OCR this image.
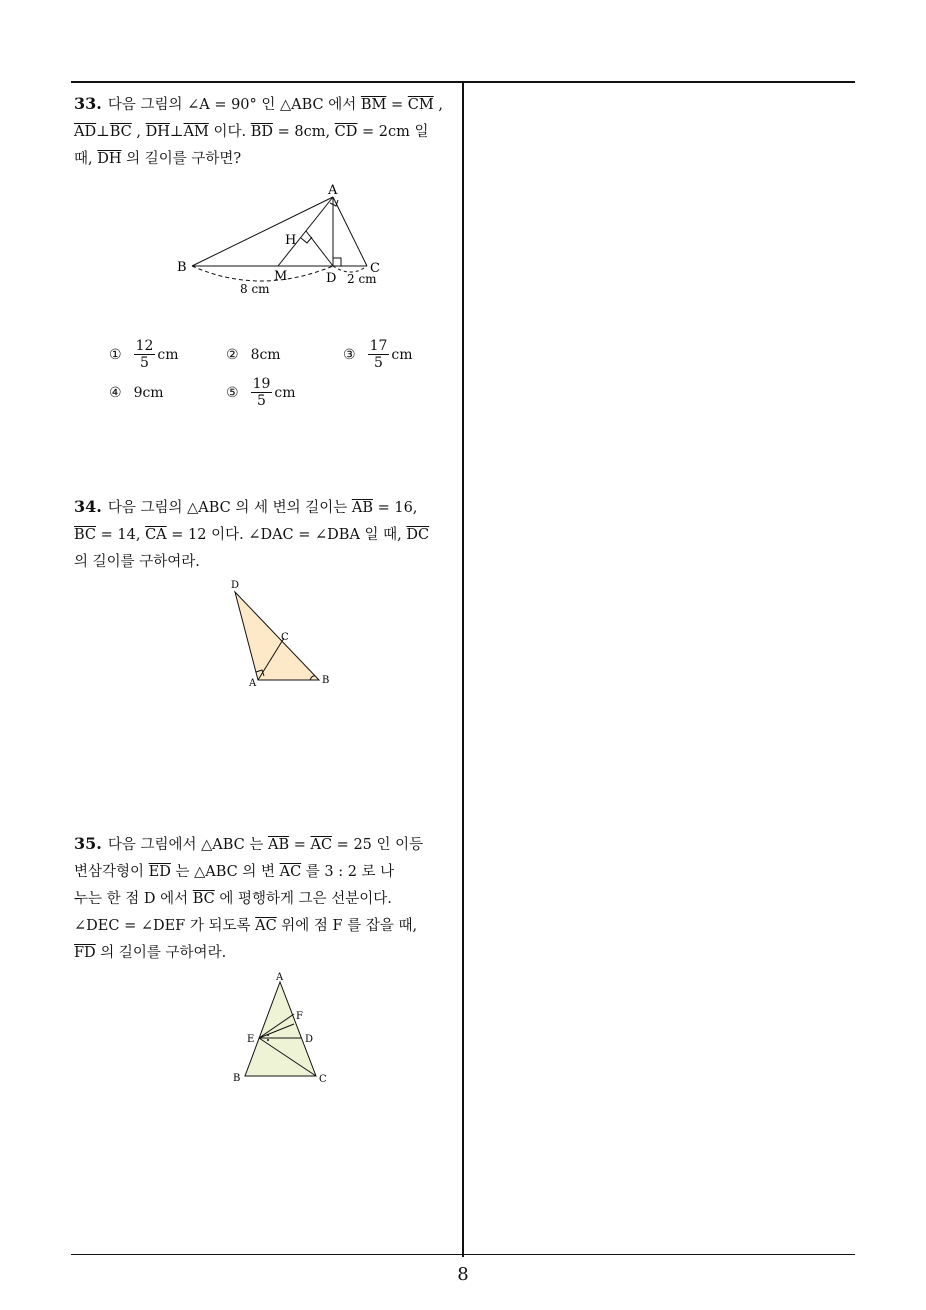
33. 다음 그림의 ∠A = 90° 인 △ABC 에서 $\overline{BM} = \overline{CM}$ ,
$\overline{AD}\perp\overline{BC}$ , $\overline{DH}\perp\overline{AM}$ 이다. $\overline{BD} = 8cm$, $\overline{CD} = 2cm$ 일
때, $\overline{DH}$ 의 길이를 구하면?
A
B	C
D
H
M
8 cm
2 cm
① $\frac{12}{5}$ cm	② 8cm	③ $\frac{17}{5}$ cm
④ 9cm	⑤ $\frac{19}{5}$ cm
34. 다음 그림의 △ABC 의 세 변의 길이는 $\overline{AB} = 16$,
$\overline{BC} = 14$, $\overline{CA} = 12$ 이다. ∠DAC = ∠DBA 일 때, $\overline{DC}$
의 길이를 구하여라.
D
C
A	B
35. 다음 그림에서 △ABC 는 $\overline{AB} = \overline{AC} = 25$ 인 이등
변삼각형이 $\overline{ED}$ 는 △ABC 의 변 $\overline{AC}$ 를 3 : 2 로 나
누는 한 점 D 에서 $\overline{BC}$ 에 평행하게 그은 선분이다.
∠DEC = ∠DEF 가 되도록 $\overline{AC}$ 위에 점 F 를 잡을 때,
$\overline{FD}$ 의 길이를 구하여라.
A
F
E	D
B	C
8
